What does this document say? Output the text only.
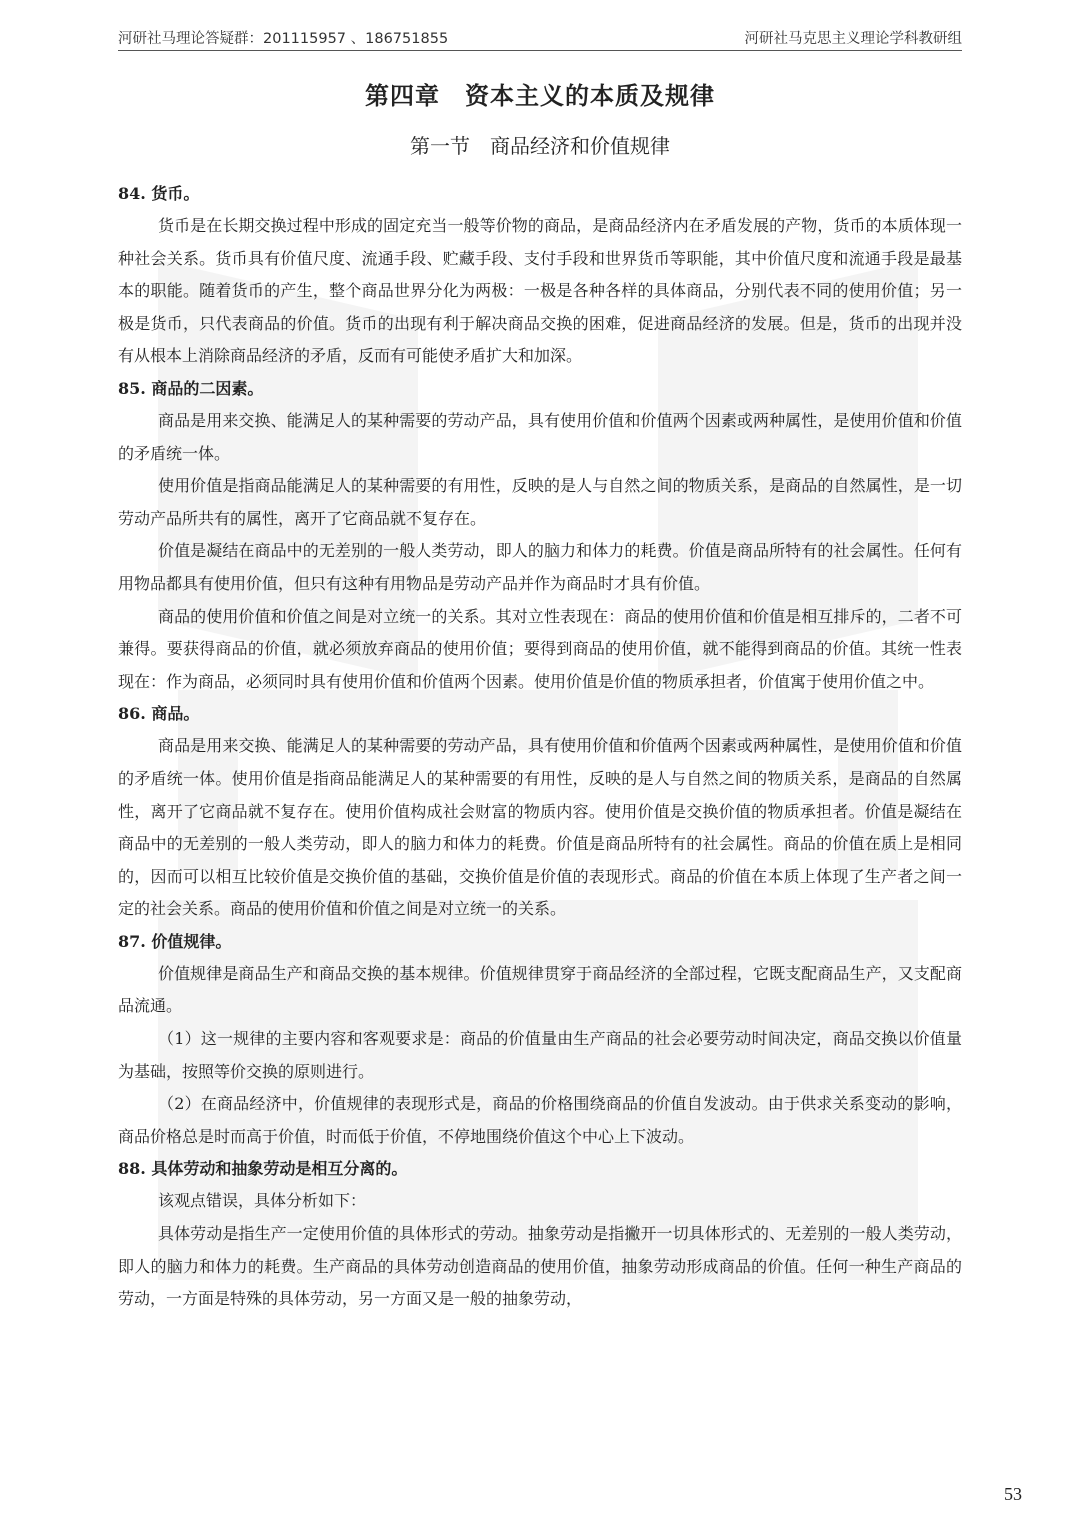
河研社马理论答疑群：201115957 、186751855	河研社马克思主义理论学科教研组
第四章　资本主义的本质及规律
第一节　商品经济和价值规律
84. 货币。

货币是在长期交换过程中形成的固定充当一般等价物的商品，是商品经济内在矛盾发展的产物，货币的本质体现一种社会关系。货币具有价值尺度、流通手段、贮藏手段、支付手段和世界货币等职能，其中价值尺度和流通手段是最基本的职能。随着货币的产生，整个商品世界分化为两极：一极是各种各样的具体商品，分别代表不同的使用价值；另一极是货币，只代表商品的价值。货币的出现有利于解决商品交换的困难，促进商品经济的发展。但是，货币的出现并没有从根本上消除商品经济的矛盾，反而有可能使矛盾扩大和加深。

85. 商品的二因素。

商品是用来交换、能满足人的某种需要的劳动产品，具有使用价值和价值两个因素或两种属性，是使用价值和价值的矛盾统一体。

使用价值是指商品能满足人的某种需要的有用性，反映的是人与自然之间的物质关系，是商品的自然属性，是一切劳动产品所共有的属性，离开了它商品就不复存在。

价值是凝结在商品中的无差别的一般人类劳动，即人的脑力和体力的耗费。价值是商品所特有的社会属性。任何有用物品都具有使用价值，但只有这种有用物品是劳动产品并作为商品时才具有价值。

商品的使用价值和价值之间是对立统一的关系。其对立性表现在：商品的使用价值和价值是相互排斥的，二者不可兼得。要获得商品的价值，就必须放弃商品的使用价值；要得到商品的使用价值，就不能得到商品的价值。其统一性表现在：作为商品，必须同时具有使用价值和价值两个因素。使用价值是价值的物质承担者，价值寓于使用价值之中。

86. 商品。

商品是用来交换、能满足人的某种需要的劳动产品，具有使用价值和价值两个因素或两种属性，是使用价值和价值的矛盾统一体。使用价值是指商品能满足人的某种需要的有用性，反映的是人与自然之间的物质关系，是商品的自然属性，离开了它商品就不复存在。使用价值构成社会财富的物质内容。使用价值是交换价值的物质承担者。价值是凝结在商品中的无差别的一般人类劳动，即人的脑力和体力的耗费。价值是商品所特有的社会属性。商品的价值在质上是相同的，因而可以相互比较价值是交换价值的基础，交换价值是价值的表现形式。商品的价值在本质上体现了生产者之间一定的社会关系。商品的使用价值和价值之间是对立统一的关系。

87. 价值规律。

价值规律是商品生产和商品交换的基本规律。价值规律贯穿于商品经济的全部过程，它既支配商品生产，又支配商品流通。

（1）这一规律的主要内容和客观要求是：商品的价值量由生产商品的社会必要劳动时间决定，商品交换以价值量为基础，按照等价交换的原则进行。

（2）在商品经济中，价值规律的表现形式是，商品的价格围绕商品的价值自发波动。由于供求关系变动的影响，商品价格总是时而高于价值，时而低于价值，不停地围绕价值这个中心上下波动。

88. 具体劳动和抽象劳动是相互分离的。

该观点错误，具体分析如下：

具体劳动是指生产一定使用价值的具体形式的劳动。抽象劳动是指撇开一切具体形式的、无差别的一般人类劳动，即人的脑力和体力的耗费。生产商品的具体劳动创造商品的使用价值，抽象劳动形成商品的价值。任何一种生产商品的劳动，一方面是特殊的具体劳动，另一方面又是一般的抽象劳动，

53
